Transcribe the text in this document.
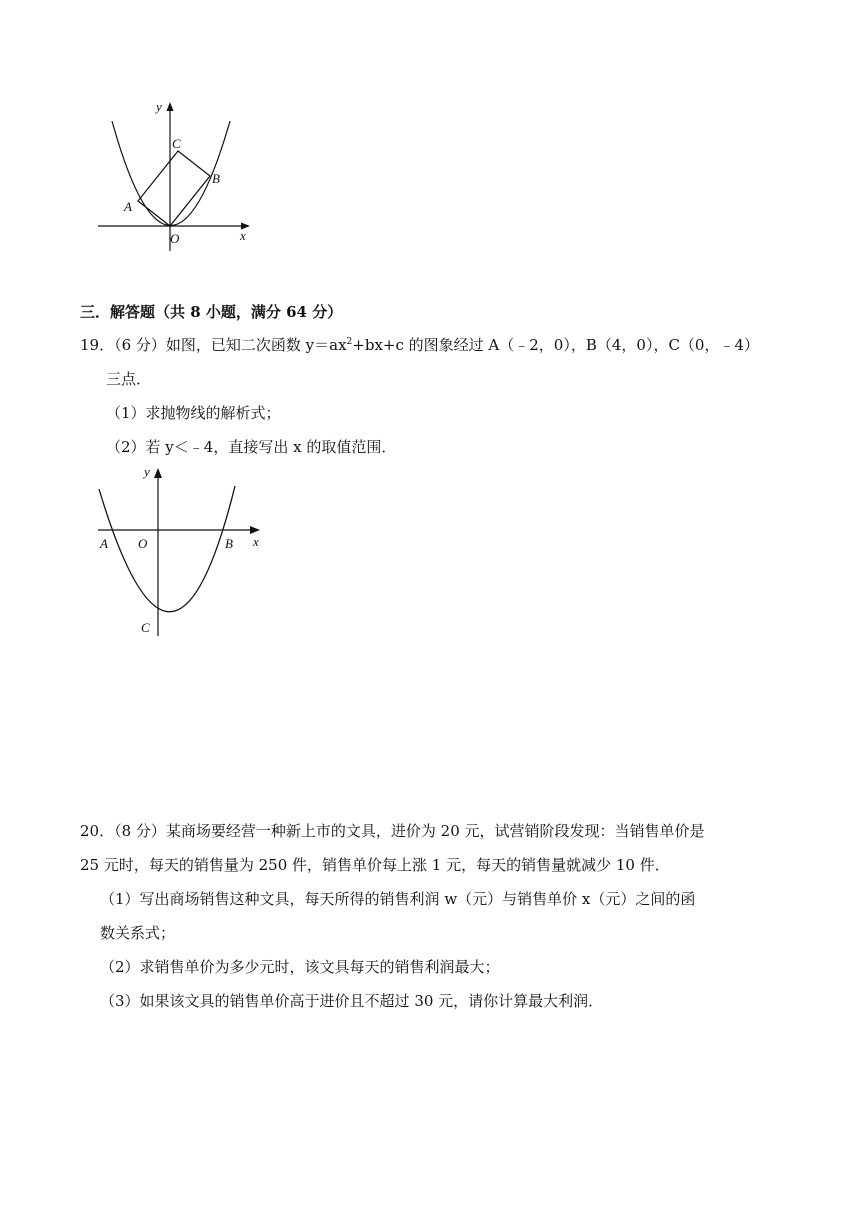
y
x
O
A
B
C
三．解答题（共 8 小题，满分 64 分）
19．（6 分）如图，已知二次函数 $y=ax^2+bx+c$ 的图象经过 A（﹣2，0），B（4，0），C（0，﹣4）
三点．
（1）求抛物线的解析式；
（2）若 y＜﹣4，直接写出 x 的取值范围．
y
x
O
A	B
C
20．（8 分）某商场要经营一种新上市的文具，进价为 20 元，试营销阶段发现：当销售单价是
25 元时，每天的销售量为 250 件，销售单价每上涨 1 元，每天的销售量就减少 10 件．
（1）写出商场销售这种文具，每天所得的销售利润 w（元）与销售单价 x（元）之间的函
数关系式；
（2）求销售单价为多少元时，该文具每天的销售利润最大；
（3）如果该文具的销售单价高于进价且不超过 30 元，请你计算最大利润．
